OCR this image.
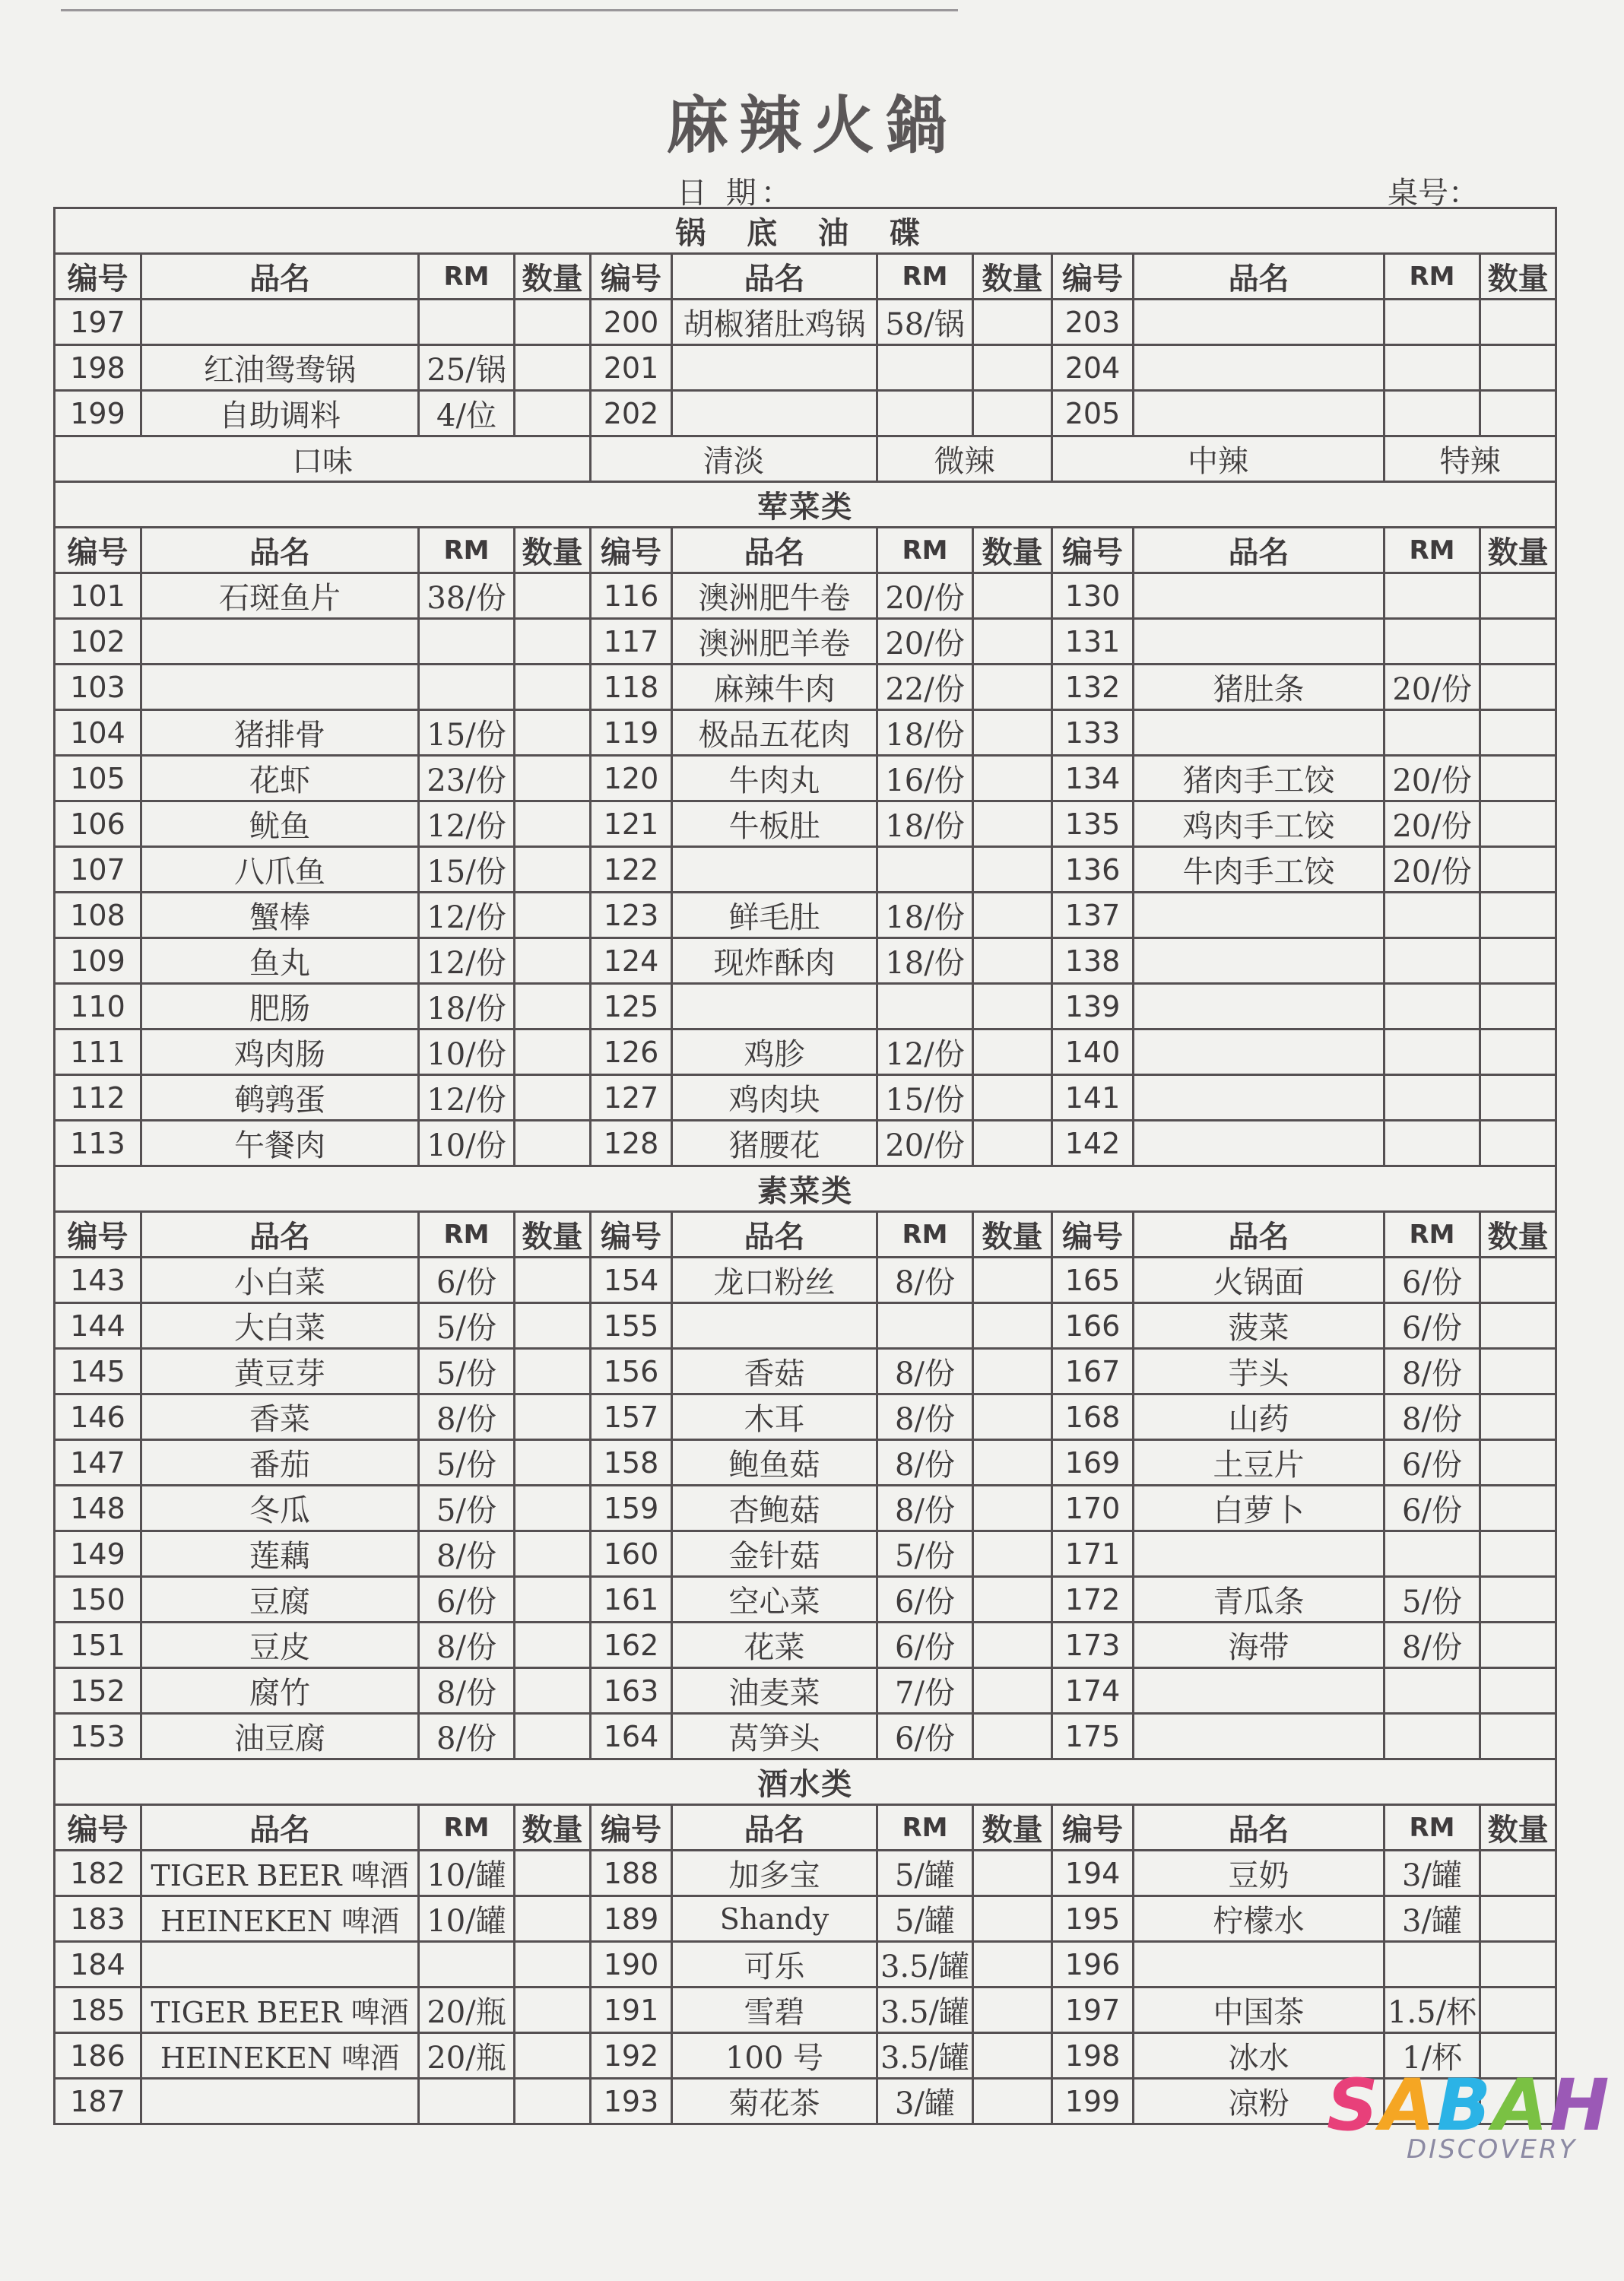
麻辣火鍋
日 期：	桌号：
锅 底 油 碟											
编号	品名	RM	数量	编号	品名	RM	数量	编号	品名	RM	数量
197				200	胡椒猪肚鸡锅	58/锅		203			
198	红油鸳鸯锅	25/锅		201				204			
199	自助调料	4/位		202				205			
口味				清淡		微辣		中辣		特辣	
荤菜类											
编号	品名	RM	数量	编号	品名	RM	数量	编号	品名	RM	数量
101	石斑鱼片	38/份		116	澳洲肥牛卷	20/份		130			
102				117	澳洲肥羊卷	20/份		131			
103				118	麻辣牛肉	22/份		132	猪肚条	20/份	
104	猪排骨	15/份		119	极品五花肉	18/份		133			
105	花虾	23/份		120	牛肉丸	16/份		134	猪肉手工饺	20/份	
106	鱿鱼	12/份		121	牛板肚	18/份		135	鸡肉手工饺	20/份	
107	八爪鱼	15/份		122				136	牛肉手工饺	20/份	
108	蟹棒	12/份		123	鲜毛肚	18/份		137			
109	鱼丸	12/份		124	现炸酥肉	18/份		138			
110	肥肠	18/份		125				139			
111	鸡肉肠	10/份		126	鸡胗	12/份		140			
112	鹌鹑蛋	12/份		127	鸡肉块	15/份		141			
113	午餐肉	10/份		128	猪腰花	20/份		142			
素菜类											
编号	品名	RM	数量	编号	品名	RM	数量	编号	品名	RM	数量
143	小白菜	6/份		154	龙口粉丝	8/份		165	火锅面	6/份	
144	大白菜	5/份		155				166	菠菜	6/份	
145	黄豆芽	5/份		156	香菇	8/份		167	芋头	8/份	
146	香菜	8/份		157	木耳	8/份		168	山药	8/份	
147	番茄	5/份		158	鲍鱼菇	8/份		169	土豆片	6/份	
148	冬瓜	5/份		159	杏鲍菇	8/份		170	白萝卜	6/份	
149	莲藕	8/份		160	金针菇	5/份		171			
150	豆腐	6/份		161	空心菜	6/份		172	青瓜条	5/份	
151	豆皮	8/份		162	花菜	6/份		173	海带	8/份	
152	腐竹	8/份		163	油麦菜	7/份		174			
153	油豆腐	8/份		164	莴笋头	6/份		175			
酒水类											
编号	品名	RM	数量	编号	品名	RM	数量	编号	品名	RM	数量
182	TIGER BEER 啤酒	10/罐		188	加多宝	5/罐		194	豆奶	3/罐	
183	HEINEKEN 啤酒	10/罐		189	Shandy	5/罐		195	柠檬水	3/罐	
184				190	可乐	3.5/罐		196			
185	TIGER BEER 啤酒	20/瓶		191	雪碧	3.5/罐		197	中国茶	1.5/杯	
186	HEINEKEN 啤酒	20/瓶		192	100 号	3.5/罐		198	冰水	1/杯	
187				193	菊花茶	3/罐		199	凉粉		SABAH
DISCOVERY
